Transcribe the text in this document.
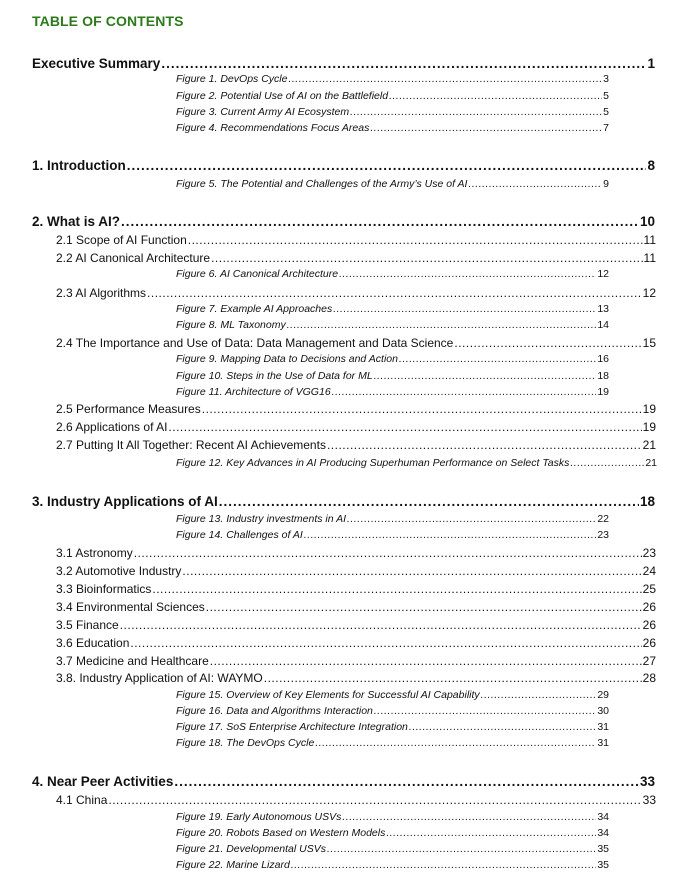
TABLE OF CONTENTS
Executive Summary .....	1
Figure 1. DevOps Cycle .....	3
Figure 2. Potential Use of AI on the Battlefield .....	5
Figure 3. Current Army AI Ecosystem .....	5
Figure 4. Recommendations Focus Areas .....	7
1. Introduction .....	8
Figure 5. The Potential and Challenges of the Army’s Use of AI .....	9
2. What is AI? .....	10
2.1 Scope of AI Function .....	11
2.2 AI Canonical Architecture .....	11
Figure 6. AI Canonical Architecture .....	12
2.3 AI Algorithms .....	12
Figure 7. Example AI Approaches .....	13
Figure 8. ML Taxonomy .....	14
2.4 The Importance and Use of Data: Data Management and Data Science .....	15
Figure 9. Mapping Data to Decisions and Action .....	16
Figure 10. Steps in the Use of Data for ML .....	18
Figure 11. Architecture of VGG16 .....	19
2.5 Performance Measures .....	19
2.6 Applications of AI .....	19
2.7 Putting It All Together: Recent AI Achievements .....	21
Figure 12. Key Advances in AI Producing Superhuman Performance on Select Tasks .....	21
3. Industry Applications of AI .....	18
Figure 13. Industry investments in AI .....	22
Figure 14. Challenges of AI .....	23
3.1 Astronomy .....	23
3.2 Automotive Industry .....	24
3.3 Bioinformatics .....	25
3.4 Environmental Sciences .....	26
3.5 Finance .....	26
3.6 Education .....	26
3.7 Medicine and Healthcare .....	27
3.8. Industry Application of AI: WAYMO .....	28
Figure 15. Overview of Key Elements for Successful AI Capability .....	29
Figure 16. Data and Algorithms Interaction .....	30
Figure 17. SoS Enterprise Architecture Integration .....	31
Figure 18. The DevOps Cycle .....	31
4. Near Peer Activities .....	33
4.1 China .....	33
Figure 19. Early Autonomous USVs .....	34
Figure 20. Robots Based on Western Models .....	34
Figure 21. Developmental USVs .....	35
Figure 22. Marine Lizard .....	35
